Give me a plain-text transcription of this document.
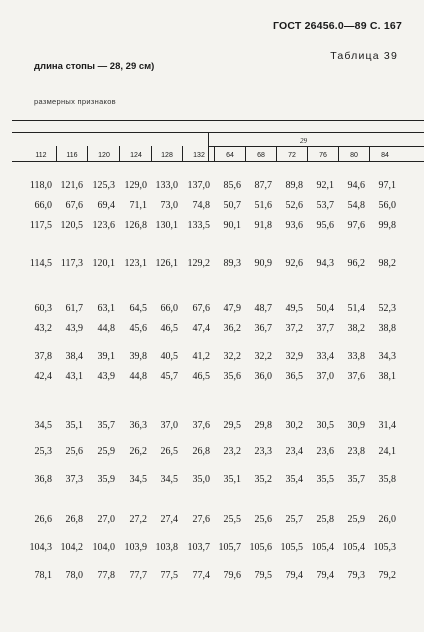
ГОСТ 26456.0—89 С. 167
Таблица 39
длина стопы — 28, 29 см)
размерных признаков
29
112	116	120	124	128	132	64	68	72	76	80	84
118,0 121,6 125,3 129,0 133,0 137,0	85,6	87,7	89,8	92,1	94,6	97,1
66,0	67,6	69,4	71,1	73,0	74,8	50,7	51,6	52,6	53,7	54,8	56,0
117,5 120,5 123,6 126,8 130,1 133,5	90,1	91,8	93,6	95,6	97,6	99,8
114,5 117,3 120,1 123,1 126,1 129,2	89,3	90,9	92,6	94,3	96,2	98,2
60,3	61,7	63,1	64,5	66,0	67,6	47,9	48,7	49,5	50,4	51,4	52,3
43,2	43,9	44,8	45,6	46,5	47,4	36,2	36,7	37,2	37,7	38,2	38,8
37,8	38,4	39,1	39,8	40,5	41,2	32,2	32,2	32,9	33,4	33,8	34,3
42,4	43,1	43,9	44,8	45,7	46,5	35,6	36,0	36,5	37,0	37,6	38,1
34,5	35,1	35,7	36,3	37,0	37,6	29,5	29,8	30,2	30,5	30,9	31,4
25,3	25,6	25,9	26,2	26,5	26,8	23,2	23,3	23,4	23,6	23,8	24,1
36,8	37,3	35,9	34,5	34,5	35,0	35,1	35,2	35,4	35,5	35,7	35,8
26,6	26,8	27,0	27,2	27,4	27,6	25,5	25,6	25,7	25,8	25,9	26,0
104,3 104,2 104,0 103,9 103,8 103,7 105,7 105,6 105,5 105,4 105,4 105,3
78,1	78,0	77,8	77,7	77,5	77,4	79,6	79,5	79,4	79,4	79,3	79,2
